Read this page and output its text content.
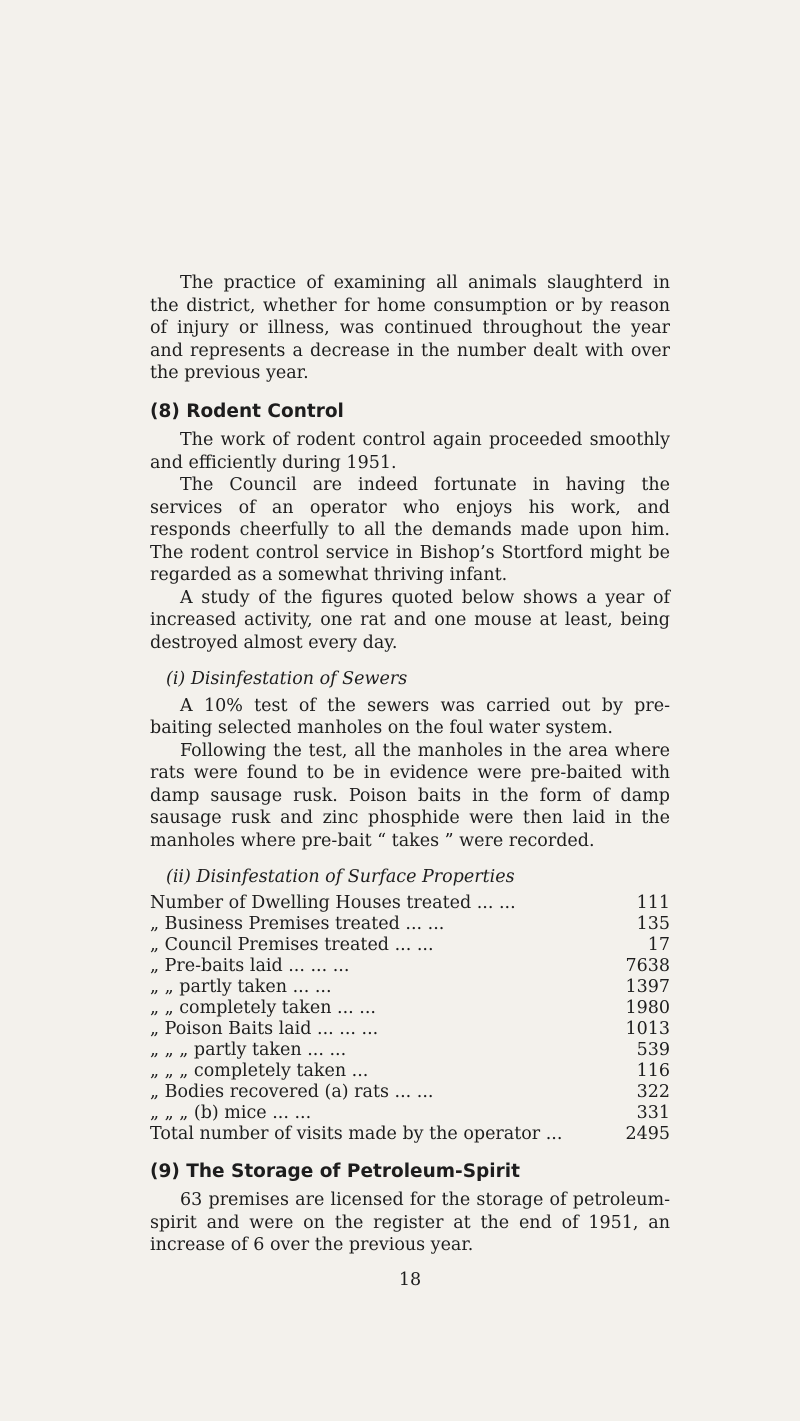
The practice of examining all animals slaughterd in the district, whether for home consumption or by reason of injury or illness, was continued throughout the year and represents a decrease in the number dealt with over the previous year.

(8) Rodent Control

The work of rodent control again proceeded smoothly and efficiently during 1951.

The Council are indeed fortunate in having the services of an operator who enjoys his work, and responds cheerfully to all the demands made upon him. The rodent control service in Bishop’s Stortford might be regarded as a somewhat thriving infant.

A study of the figures quoted below shows a year of increased activity, one rat and one mouse at least, being destroyed almost every day.

(i) Disinfestation of Sewers

A 10% test of the sewers was carried out by pre-baiting selected manholes on the foul water system.

Following the test, all the manholes in the area where rats were found to be in evidence were pre-baited with damp sausage rusk. Poison baits in the form of damp sausage rusk and zinc phosphide were then laid in the manholes where pre-bait “ takes ” were recorded.

(ii) Disinfestation of Surface Properties
Number of Dwelling Houses treated ... ...	111
„ Business Premises treated ... ...	135
„ Council Premises treated ... ...	17
„ Pre-baits laid ... ... ...	7638
„ „ partly taken ... ...	1397
„ „ completely taken ... ...	1980
„ Poison Baits laid ... ... ...	1013
„ „ „ partly taken ... ...	539
„ „ „ completely taken ...	116
„ Bodies recovered (a) rats ... ...	322
„ „ „ (b) mice ... ...	331
Total number of visits made by the operator ...	2495
(9) The Storage of Petroleum-Spirit

63 premises are licensed for the storage of petroleum-spirit and were on the register at the end of 1951, an increase of 6 over the previous year.

18
